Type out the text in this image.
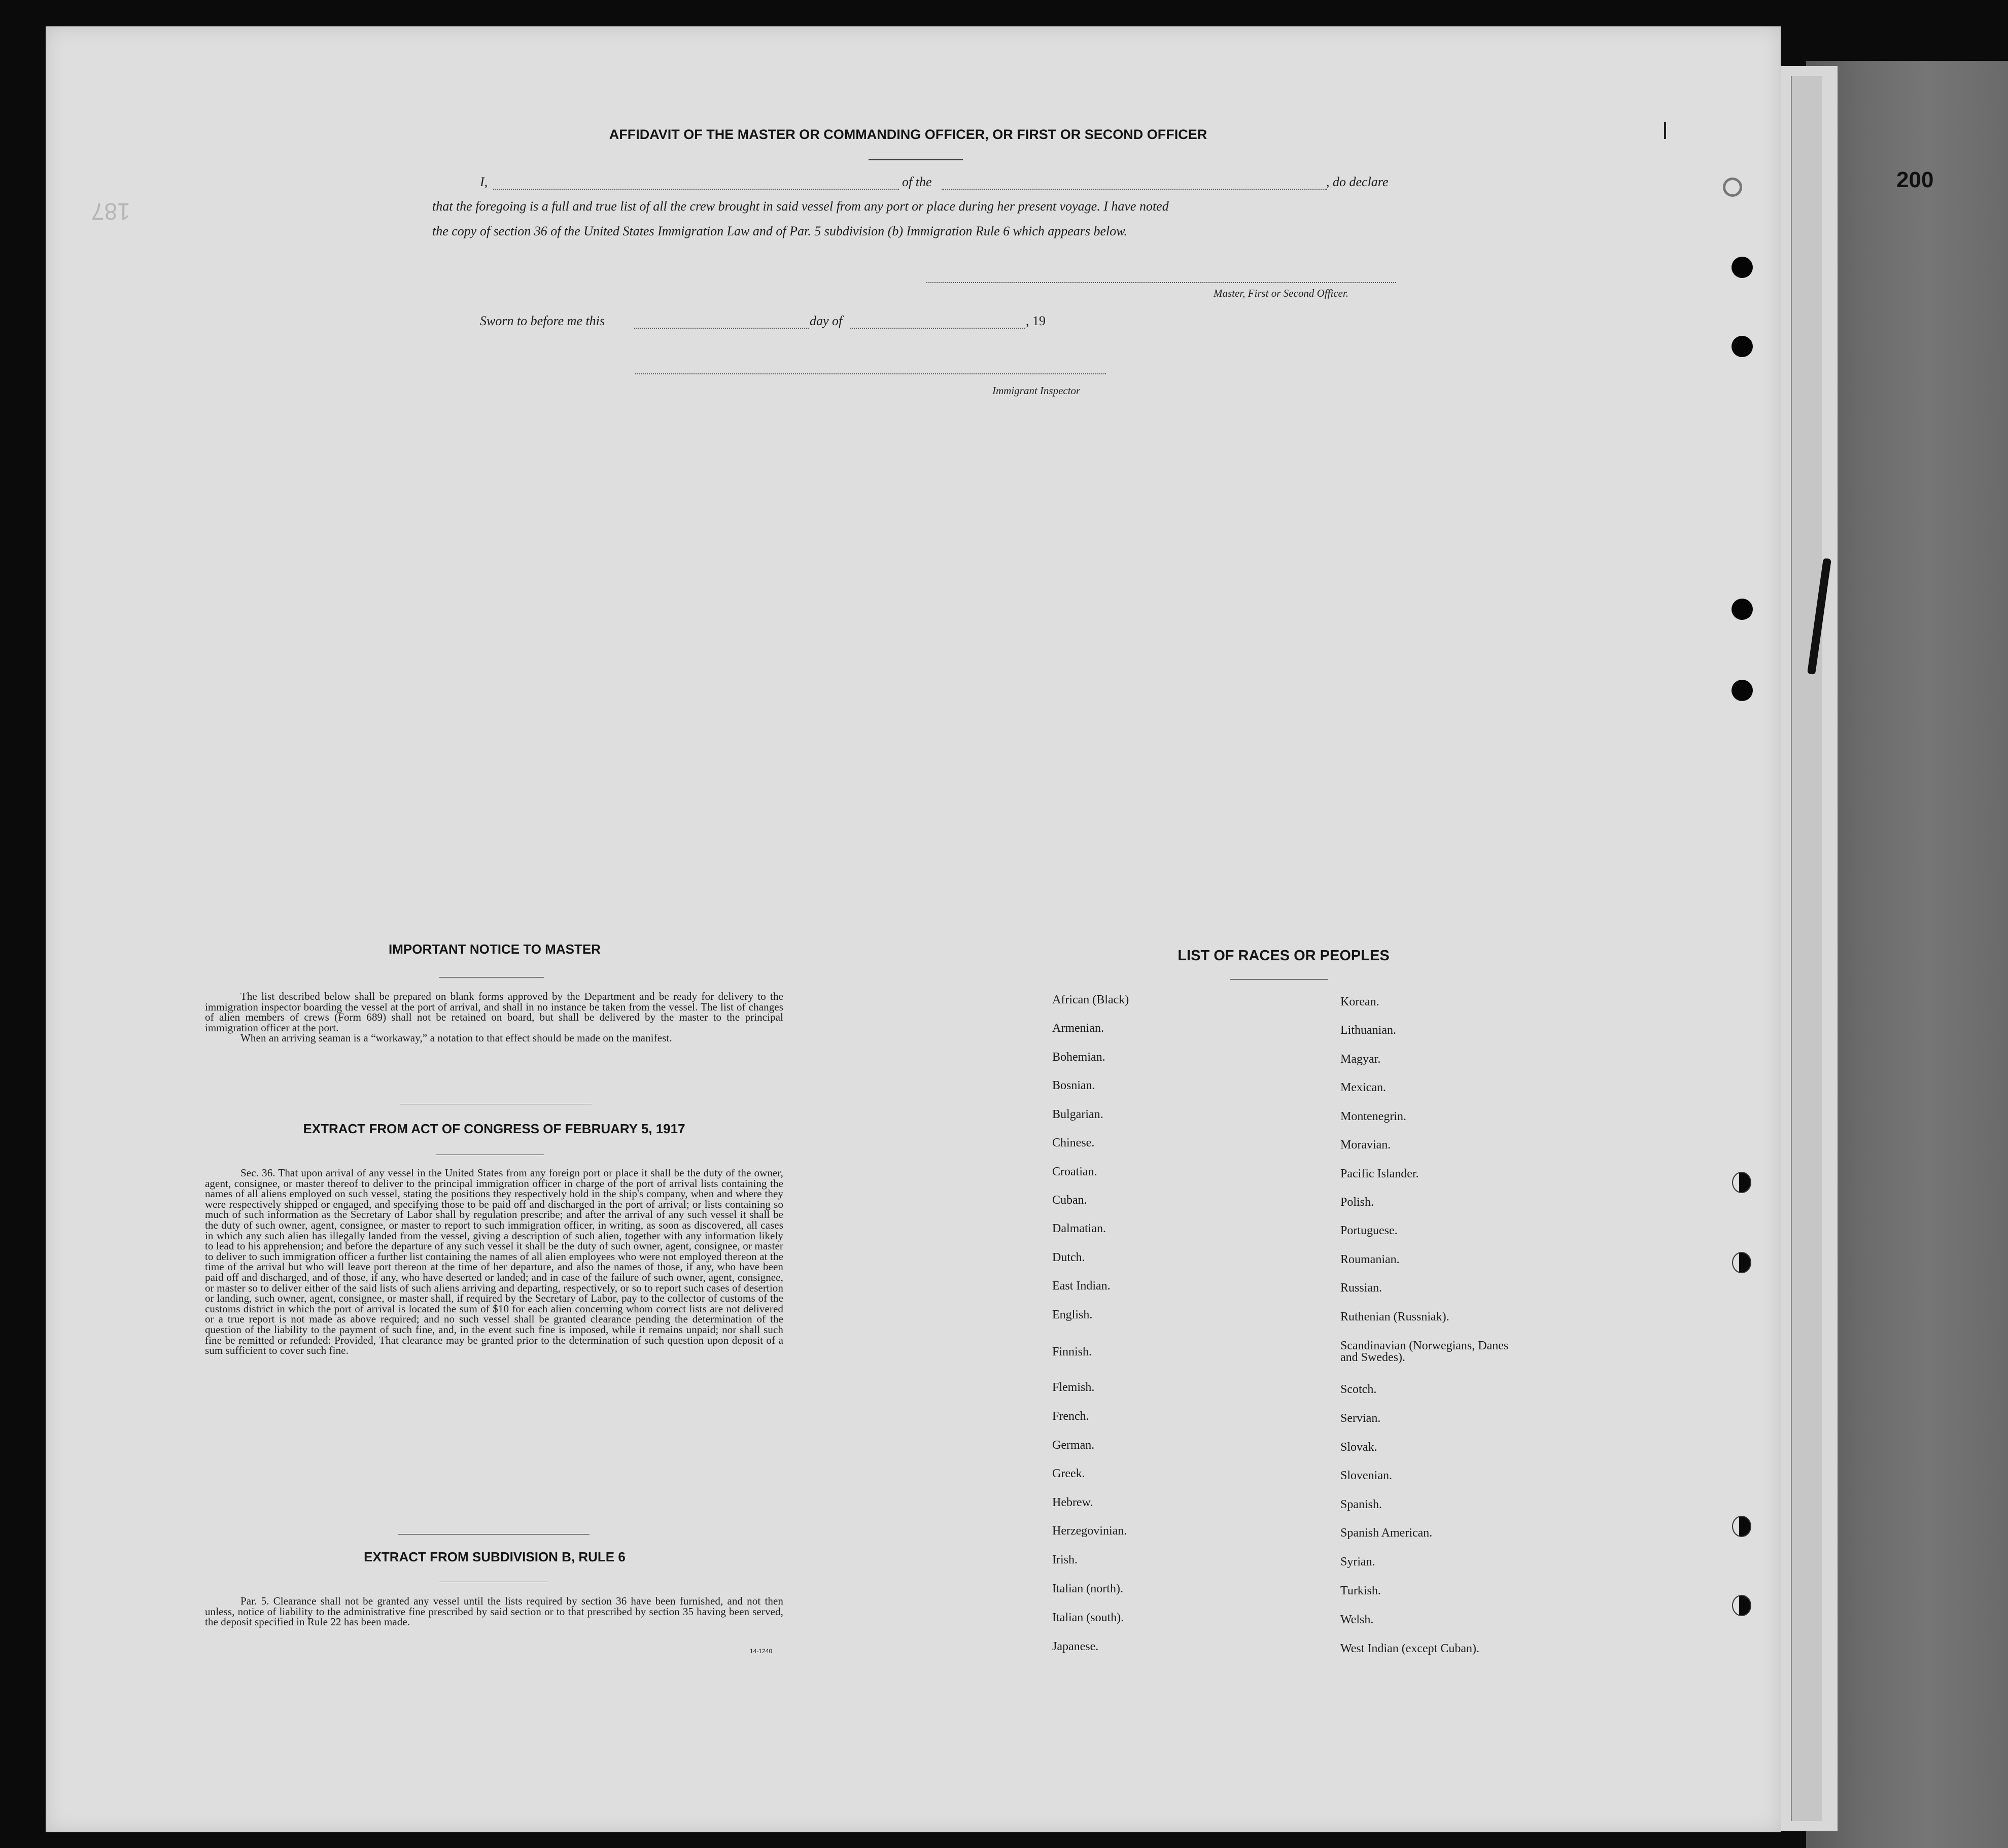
200
187
AFFIDAVIT OF THE MASTER OR COMMANDING OFFICER, OR FIRST OR SECOND OFFICER
I,	of the	, do declare
that the foregoing is a full and true list of all the crew brought in said vessel from any port or place during her present voyage. I have noted
the copy of section 36 of the United States Immigration Law and of Par. 5 subdivision (b) Immigration Rule 6 which appears below.
Master, First or Second Officer.
Sworn to before me this	day of	, 19
Immigrant Inspector
IMPORTANT NOTICE TO MASTER

The list described below shall be prepared on blank forms approved by the Department and be ready for delivery to the immigration inspector boarding the vessel at the port of arrival, and shall in no instance be taken from the vessel. The list of changes of alien members of crews (Form 689) shall not be retained on board, but shall be delivered by the master to the principal immigration officer at the port.

When an arriving seaman is a “workaway,” a notation to that effect should be made on the manifest.

EXTRACT FROM ACT OF CONGRESS OF FEBRUARY 5, 1917

Sec. 36. That upon arrival of any vessel in the United States from any foreign port or place it shall be the duty of the owner, agent, consignee, or master thereof to deliver to the principal immigration officer in charge of the port of arrival lists containing the names of all aliens employed on such vessel, stating the positions they respectively hold in the ship's company, when and where they were respectively shipped or engaged, and specifying those to be paid off and discharged in the port of arrival; or lists containing so much of such information as the Secretary of Labor shall by regulation prescribe; and after the arrival of any such vessel it shall be the duty of such owner, agent, consignee, or master to report to such immigration officer, in writing, as soon as discovered, all cases in which any such alien has illegally landed from the vessel, giving a description of such alien, together with any information likely to lead to his apprehension; and before the departure of any such vessel it shall be the duty of such owner, agent, consignee, or master to deliver to such immigration officer a further list containing the names of all alien employees who were not employed thereon at the time of the arrival but who will leave port thereon at the time of her departure, and also the names of those, if any, who have been paid off and discharged, and of those, if any, who have deserted or landed; and in case of the failure of such owner, agent, consignee, or master so to deliver either of the said lists of such aliens arriving and departing, respectively, or so to report such cases of desertion or landing, such owner, agent, consignee, or master shall, if required by the Secretary of Labor, pay to the collector of customs of the customs district in which the port of arrival is located the sum of $10 for each alien concerning whom correct lists are not delivered or a true report is not made as above required; and no such vessel shall be granted clearance pending the determination of the question of the liability to the payment of such fine, and, in the event such fine is imposed, while it remains unpaid; nor shall such fine be remitted or refunded: Provided, That clearance may be granted prior to the determination of such question upon deposit of a sum sufficient to cover such fine.

EXTRACT FROM SUBDIVISION B, RULE 6

Par. 5. Clearance shall not be granted any vessel until the lists required by section 36 have been furnished, and not then unless, notice of liability to the administrative fine prescribed by said section or to that prescribed by section 35 having been served, the deposit specified in Rule 22 has been made.

14-1240
LIST OF RACES OR PEOPLES
African (Black)
Armenian.
Bohemian.
Bosnian.
Bulgarian.
Chinese.
Croatian.
Cuban.
Dalmatian.
Dutch.
East Indian.
English.
Finnish.
Flemish.
French.
German.
Greek.
Hebrew.
Herzegovinian.
Irish.
Italian (north).
Italian (south).
Japanese.
Korean.
Lithuanian.
Magyar.
Mexican.
Montenegrin.
Moravian.
Pacific Islander.
Polish.
Portuguese.
Roumanian.
Russian.
Ruthenian (Russniak).
Scandinavian (Norwegians, Danes and Swedes).
Scotch.
Servian.
Slovak.
Slovenian.
Spanish.
Spanish American.
Syrian.
Turkish.
Welsh.
West Indian (except Cuban).
